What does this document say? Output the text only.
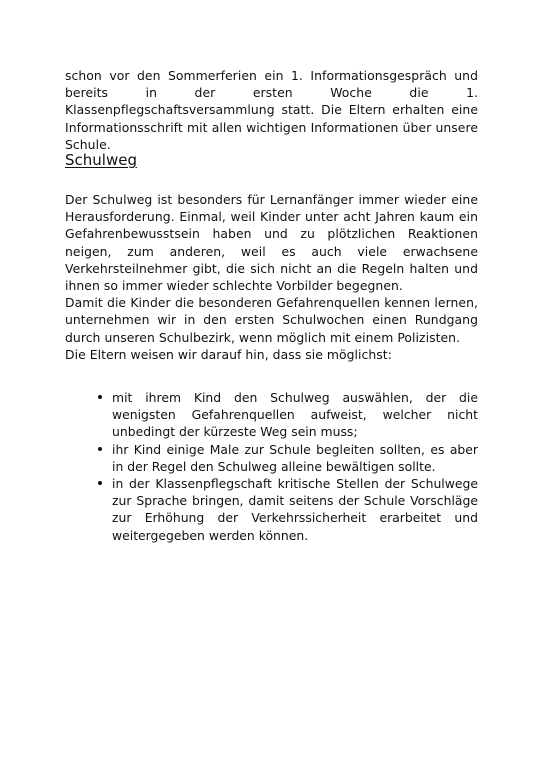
schon vor den Sommerferien ein 1. Informationsgespräch und bereits in der ersten Woche die 1. Klassenpflegschaftsversammlung statt. Die Eltern erhalten eine Informationsschrift mit allen wichtigen Informationen über unsere Schule.

Schulweg

Der Schulweg ist besonders für Lernanfänger immer wieder eine Herausforderung. Einmal, weil Kinder unter acht Jahren kaum ein Gefahrenbewusstsein haben und zu plötzlichen Reaktionen neigen, zum anderen, weil es auch viele erwachsene Verkehrsteilnehmer gibt, die sich nicht an die Regeln halten und ihnen so immer wieder schlechte Vorbilder begegnen.

Damit die Kinder die besonderen Gefahrenquellen kennen lernen, unternehmen wir in den ersten Schulwochen einen Rundgang durch unseren Schulbezirk, wenn möglich mit einem Polizisten.

Die Eltern weisen wir darauf hin, dass sie möglichst:

mit ihrem Kind den Schulweg auswählen, der die wenigsten Gefahrenquellen aufweist, welcher nicht unbedingt der kürzeste Weg sein muss;
ihr Kind einige Male zur Schule begleiten sollten, es aber in der Regel den Schulweg alleine bewältigen sollte.
in der Klassenpflegschaft kritische Stellen der Schulwege zur Sprache bringen, damit seitens der Schule Vorschläge zur Erhöhung der Verkehrssicherheit erarbeitet und weitergegeben werden können.
